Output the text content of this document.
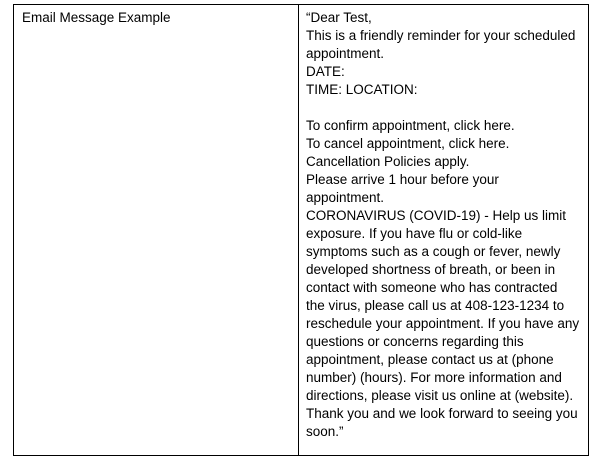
Email Message Example	“Dear Test,
This is a friendly reminder for your scheduled
appointment.
DATE:
TIME: LOCATION:
To confirm appointment, click here.
To cancel appointment, click here.
Cancellation Policies apply.
Please arrive 1 hour before your
appointment.
CORONAVIRUS (COVID-19) - Help us limit
exposure. If you have flu or cold-like
symptoms such as a cough or fever, newly
developed shortness of breath, or been in
contact with someone who has contracted
the virus, please call us at 408-123-1234 to
reschedule your appointment. If you have any
questions or concerns regarding this
appointment, please contact us at (phone
number) (hours). For more information and
directions, please visit us online at (website).
Thank you and we look forward to seeing you
soon.”
